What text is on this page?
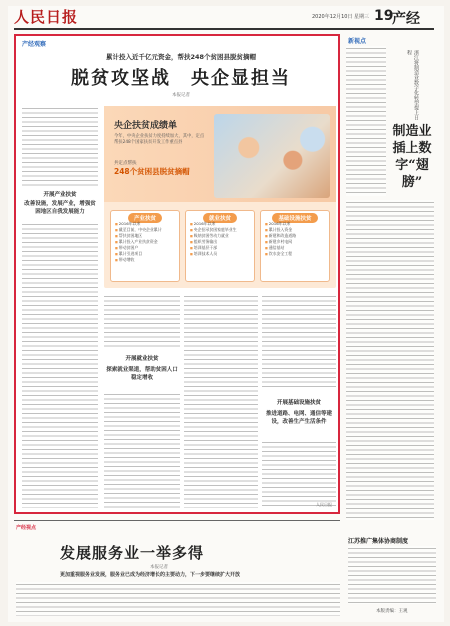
人民日报	2020年12月10日 星期三 19
产经
产经观察
累计投入近千亿元资金，帮扶248个贫困县脱贫摘帽
脱贫攻坚战　央企显担当
本报记者
开展产业扶贫
改善设施，发展产业，增强贫困地区自我发展能力
央企扶贫成绩单
今年，中央企业扶贫力度持续加大，其中，定点帮扶248个国家扶贫开发工作重点县
共定点帮扶
248个贫困县脱贫摘帽
产业扶贫
■ 2016年以来
■ 截至目前，中央企业累计
■ 帮扶贫困地区
■ 累计投入产业扶贫资金
■ 带动贫困户
■ 累计引进项目
■ 带动增收
就业扶贫
■ 2016年以来
■ 央企招录贫困家庭毕业生
■ 吸纳贫困劳动力就业
■ 组织劳务输出
■ 培训基层干部
■ 培训技术人员
基础设施扶贫
■ 2016年以来
■ 累计投入资金
■ 新建和改造道路
■ 新建乡村电网
■ 通信基站
■ 饮水安全工程
开展就业扶贫
探索就业渠道，帮助贫困人口稳定增收
开展基础设施扶贫
推进道路、电网、通信等建设，改善生产生活条件
人民日报
新视点
浙江将制造业数字化转型提上日程
制造业插上数字“翅膀”
产经视点
发展服务业一举多得
本报记者
更加重视服务业发展，服务业已成为经济增长的主要动力，下一步要继续扩大开放
江苏推广集体协商制度
本版责编：王观
